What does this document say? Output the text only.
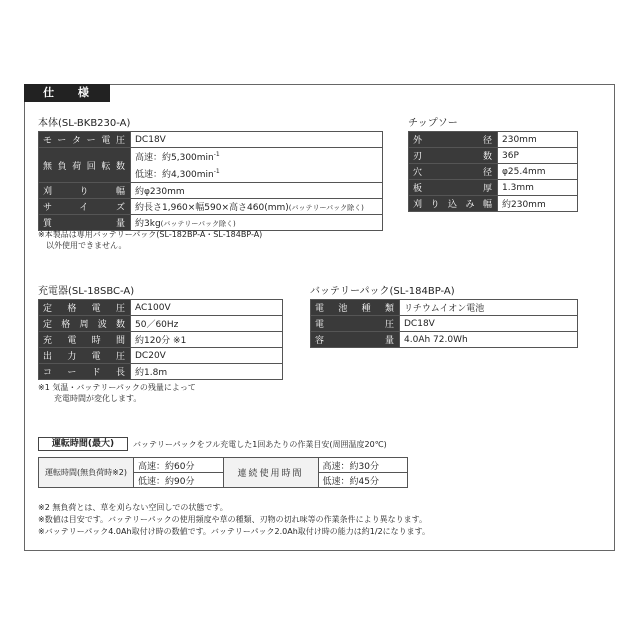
仕 様
本体(SL-BKB230-A)
モーター電圧	DC18V
無負荷回転数	高速：約$5,300\min^{-1}$
低速：約$4,300\min^{-1}$
刈り幅	約φ230mm
サイズ	約長さ1,960×幅590×高さ460(mm)(バッテリーパック除く)
質量	約3kg(バッテリーパック除く)
※本製品は専用バッテリーパック(SL-182BP-A・SL-184BP-A)
以外使用できません。
チップソー
外径	230mm
刃数	36P
穴径	φ25.4mm
板厚	1.3mm
刈り込み幅	約230mm
充電器(SL-18SBC-A)
定格電圧	AC100V
定格周波数	50／60Hz
充電時間	約120分 ※1
出力電圧	DC20V
コード長	約1.8m
※1 気温・バッテリーパックの残量によって
充電時間が変化します。
バッテリーパック(SL-184BP-A)
電池種類	リチウムイオン電池
電圧	DC18V
容量	4.0Ah 72.0Wh
運転時間(最大)	バッテリーパックをフル充電した1回あたりの作業目安(周囲温度20℃)
運転時間(無負荷時※2)	高速：約60分	連続使用時間	高速：約30分
	低速：約90分		低速：約45分
※2 無負荷とは、草を刈らない空回しでの状態です。
※数値は目安です。バッテリーパックの使用頻度や草の種類、刃物の切れ味等の作業条件により異なります。
※バッテリーパック4.0Ah取付け時の数値です。バッテリーパック2.0Ah取付け時の能力は約1/2になります。
